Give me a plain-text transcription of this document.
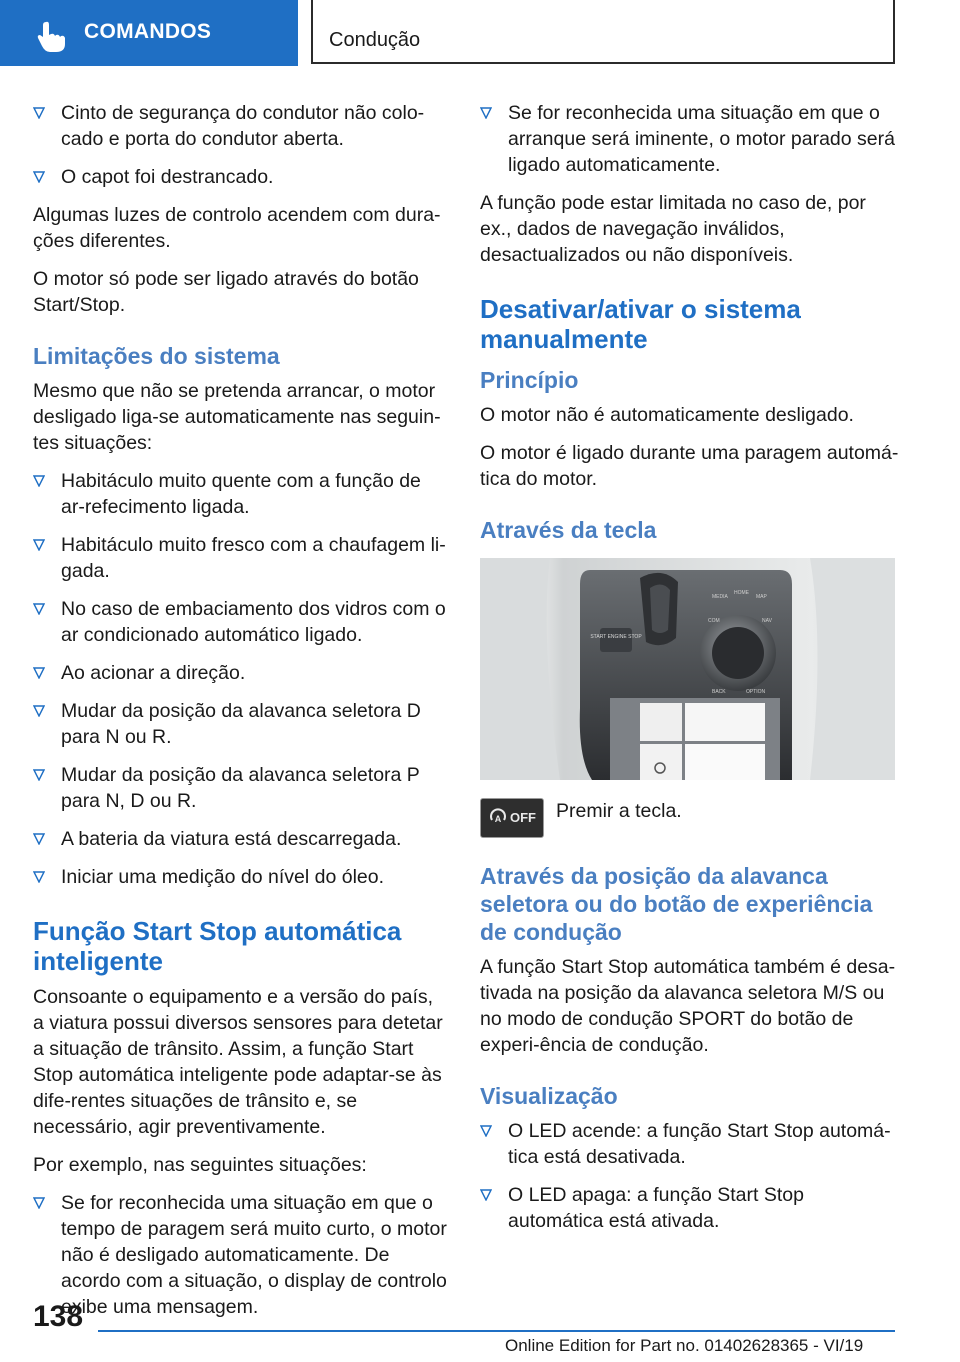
COMANDOS	Condução
Cinto de segurança do condutor não colo‐cado e porta do condutor aberta.
O capot foi destrancado.

Algumas luzes de controlo acendem com dura‐ções diferentes.

O motor só pode ser ligado através do botão Start/Stop.

Limitações do sistema

Mesmo que não se pretenda arrancar, o motor desligado liga-se automaticamente nas seguin‐tes situações:

Habitáculo muito quente com a função de ar‐refecimento ligada.
Habitáculo muito fresco com a chaufagem li‐gada.
No caso de embaciamento dos vidros com o ar condicionado automático ligado.
Ao acionar a direção.
Mudar da posição da alavanca seletora D para N ou R.
Mudar da posição da alavanca seletora P para N, D ou R.
A bateria da viatura está descarregada.
Iniciar uma medição do nível do óleo.
Função Start Stop automática inteligente

Consoante o equipamento e a versão do país, a viatura possui diversos sensores para detetar a situação de trânsito. Assim, a função Start Stop automática inteligente pode adaptar-se às dife‐rentes situações de trânsito e, se necessário, agir preventivamente.

Por exemplo, nas seguintes situações:

Se for reconhecida uma situação em que o tempo de paragem será muito curto, o motor não é desligado automaticamente. De acordo com a situação, o display de controlo exibe uma mensagem.
Se for reconhecida uma situação em que o arranque será iminente, o motor parado será ligado automaticamente.

A função pode estar limitada no caso de, por ex., dados de navegação inválidos, desactualizados ou não disponíveis.

Desativar/ativar o sistema manualmente
Princípio

O motor não é automaticamente desligado.

O motor é ligado durante uma paragem automá‐tica do motor.

Através da tecla
START ENGINE STOP
MEDIA
HOME
MAP
COM	NAV
BACK	OPTION
A OFF Premir a tecla.
Através da posição da alavanca seletora ou do botão de experiência de condução

A função Start Stop automática também é desa‐tivada na posição da alavanca seletora M/S ou no modo de condução SPORT do botão de experi‐ência de condução.

Visualização
O LED acende: a função Start Stop automá‐tica está desativada.
O LED apaga: a função Start Stop automática está ativada.
138
Online Edition for Part no. 01402628365 - VI/19
